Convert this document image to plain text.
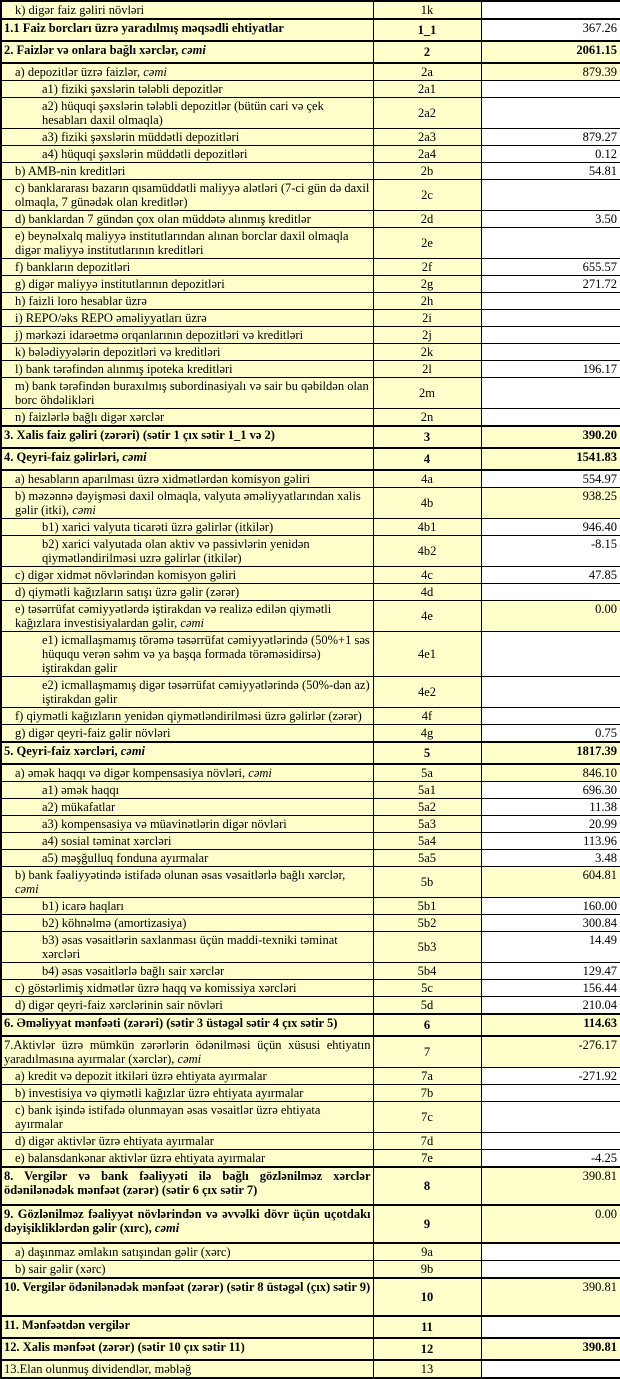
k) digər faiz gəliri növləri	1k	
1.1 Faiz borcları üzrə yaradılmış məqsədli ehtiyatlar	1_1	367.26
2. Faizlər və onlara bağlı xərclər, cəmi	2	2061.15
a) depozitlər üzrə faizlər, cəmi	2a	879.39
a1) fiziki şəxslərin tələbli depozitlər	2a1	
a2) hüquqi şəxslərin tələbli depozitlər (bütün cari və çek hesabları daxil olmaqla)	2a2	
a3) fiziki şəxslərin müddətli depozitləri	2a3	879.27
a4) hüquqi şəxslərin müddətli depozitləri	2a4	0.12
b) AMB-nin kreditləri	2b	54.81
c) banklararası bazarın qısamüddətli maliyyə alətləri (7-ci gün də daxil olmaqla, 7 günədək olan kreditlər)	2c	
d) banklardan 7 gündən çox olan müddətə alınmış kreditlər	2d	3.50
e) beynəlxalq maliyyə institutlarından alınan borclar daxil olmaqla digər maliyyə institutlarının kreditləri	2e	
f) bankların depozitləri	2f	655.57
g) digər maliyyə institutlarının depozitləri	2g	271.72
h) faizli loro hesablar üzrə	2h	
i) REPO/əks REPO əməliyyatları üzrə	2i	
j) mərkəzi idarəetmə orqanlarının depozitləri və kreditləri	2j	
k) bələdiyyələrin depozitləri və kreditləri	2k	
l) bank tərəfindən alınmış ipoteka kreditləri	2l	196.17
m) bank tərəfindən buraxılmış subordinasiyalı və sair bu qəbildən olan borc öhdəlikləri	2m	
n) faizlərlə bağlı digər xərclər	2n	
3. Xalis faiz gəliri (zərəri) (sətir 1 çıx sətir 1_1 və 2)	3	390.20
4. Qeyri-faiz gəlirləri, cəmi	4	1541.83
a) hesabların aparılması üzrə xidmətlərdən komisyon gəliri	4a	554.97
b) məzənnə dəyişməsi daxil olmaqla, valyuta əməliyyatlarından xalis gəlir (itki), cəmi	4b	938.25
b1) xarici valyuta ticarəti üzrə gəlirlər (itkilər)	4b1	946.40
b2) xarici valyutada olan aktiv və passivlərin yenidən qiymətləndirilməsi uzrə gəlirlər (itkilər)	4b2	-8.15
c) digər xidmət növlərindən komisyon gəliri	4c	47.85
d) qiymətli kağızların satışı üzrə gəlir (zərər)	4d	
e) təsərrüfat cəmiyyətlərdə iştirakdan və realizə edilən qiymətli kağızlara investisiyalardan gəlir, cəmi	4e	0.00
e1) icmallaşmamış törəmə təsərrüfat cəmiyyətlərində (50%+1 səs hüququ verən səhm və ya başqa formada törəməsidirsə) iştirakdan gəlir	4e1	
e2) icmallaşmamış digər təsərrüfat cəmiyyətlərində (50%-dən az) iştirakdan gəlir	4e2	
f) qiymətli kağızların yenidən qiymətləndirilməsi üzrə gəlirlər (zərər)	4f	
g) digər qeyri-faiz gəlir növləri	4g	0.75
5. Qeyri-faiz xərcləri, cəmi	5	1817.39
a) əmək haqqı və digər kompensasiya növləri, cəmi	5a	846.10
a1) əmək haqqı	5a1	696.30
a2) mükafatlar	5a2	11.38
a3) kompensasiya və müavinətlərin digər növləri	5a3	20.99
a4) sosial təminat xərcləri	5a4	113.96
a5) məşğulluq fonduna ayırmalar	5a5	3.48
b) bank fəaliyyətində istifadə olunan əsas vəsaitlərlə bağlı xərclər, cəmi	5b	604.81
b1) icarə haqları	5b1	160.00
b2) köhnəlmə (amortizasiya)	5b2	300.84
b3) əsas vəsaitlərin saxlanması üçün maddi-texniki təminat xərcləri	5b3	14.49
b4) əsas vəsaitlərlə bağlı sair xərclər	5b4	129.47
c) göstərlimiş xidmətlər üzrə haqq və komissiya xərcləri	5c	156.44
d) digər qeyri-faiz xərclərinin sair növləri	5d	210.04
6. Əməliyyat mənfəəti (zərəri) (sətir 3 üstəgəl sətir 4 çıx sətir 5)	6	114.63
7.Aktivlər üzrə mümkün zərərlərin ödənilməsi üçün xüsusi ehtiyatın yaradılmasına ayırmalar (xərclər), cəmi	7	-276.17
a) kredit və depozit itkiləri üzrə ehtiyata ayırmalar	7a	-271.92
b) investisiya və qiymətli kağızlar üzrə ehtiyata ayırmalar	7b	
c) bank işində istifadə olunmayan əsas vəsaitlər üzrə ehtiyata ayırmalar	7c	
d) digər aktivlər üzrə ehtiyata ayırmalar	7d	
e) balansdankənar aktivlər üzrə ehtiyata ayırmalar	7e	-4.25
8. Vergilər və bank fəaliyyəti ilə bağlı gözlənilməz xərclər ödənilənədək mənfəət (zərər) (sətir 6 çıx sətir 7)	8	390.81
9. Gözlənilməz fəaliyyət növlərindən və əvvəlki dövr üçün uçotdakı dəyişikliklərdən gəlir (xırc), cəmi	9	0.00
a) daşınmaz əmlakın satışından gəlir (xərc)	9a	
b) sair gəlir (xərc)	9b	
10. Vergilər ödənilənədək mənfəət (zərər) (sətir 8 üstəgəl (çıx) sətir 9)	10	390.81
11. Mənfəətdən vergilər	11	
12. Xalis mənfəət (zərər) (sətir 10 çıx sətir 11)	12	390.81
13.Elan olunmuş dividendlər, məbləğ	13	
